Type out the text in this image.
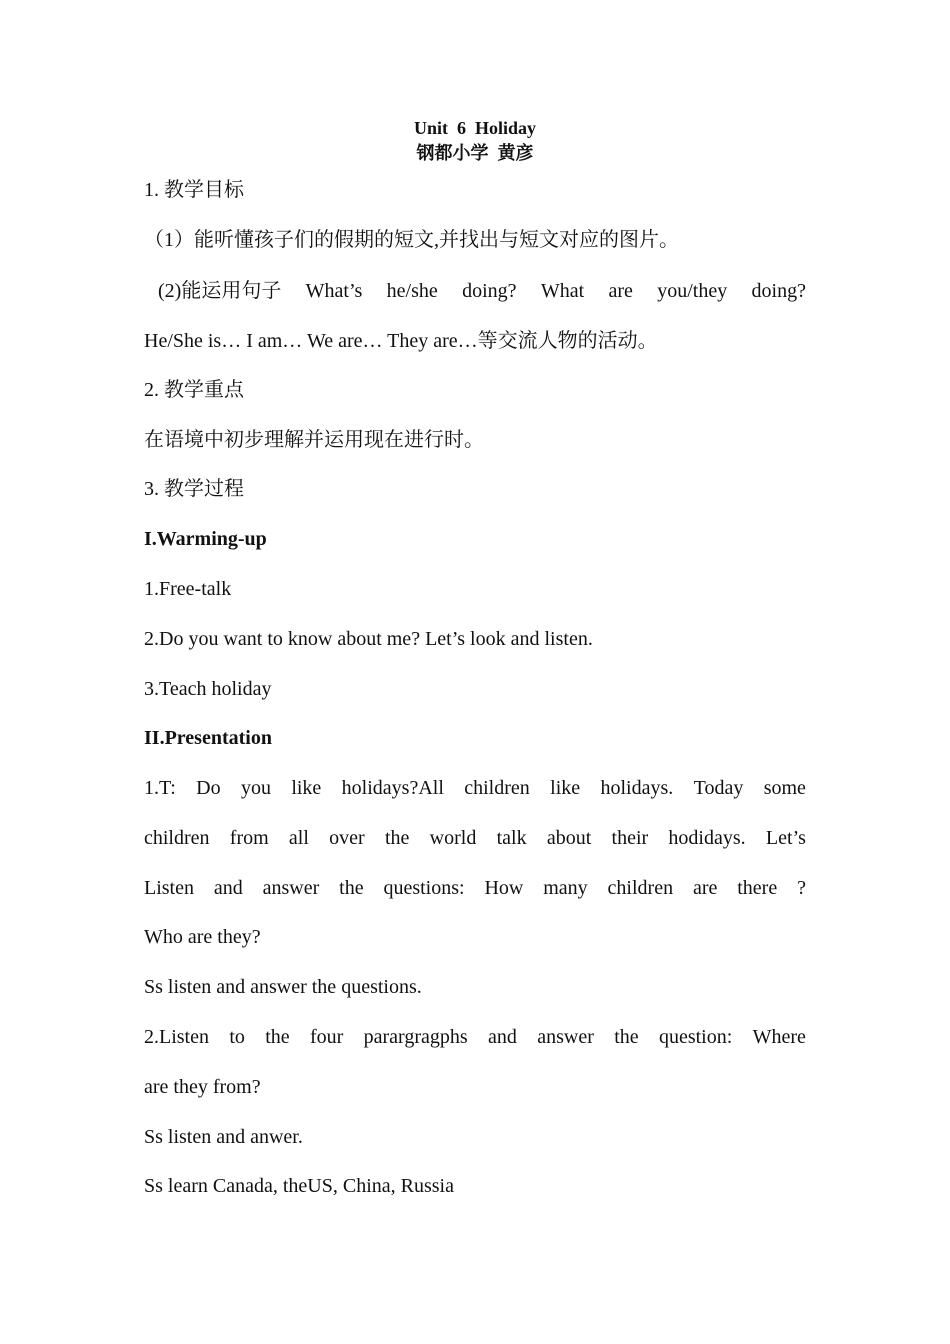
Unit  6  Holiday
钢都小学  黄彦
1. 教学目标
（1）能听懂孩子们的假期的短文,并找出与短文对应的图片。
(2)能运用句子 What’s he/she doing? What are you/they doing?
He/She is… I am… We are… They are…等交流人物的活动。
2. 教学重点
在语境中初步理解并运用现在进行时。
3. 教学过程
I.Warming-up
1.Free-talk
2.Do you want to know about me? Let’s look and listen.
3.Teach holiday
II.Presentation
1.T: Do you like holidays?All children like holidays. Today some
children from all over the world talk about their hodidays. Let’s
Listen and answer the questions: How many children are there ?
Who are they?
Ss listen and answer the questions.
2.Listen to the four parargragphs and answer the question: Where
are they from?
Ss listen and anwer.
Ss learn Canada, theUS, China, Russia
